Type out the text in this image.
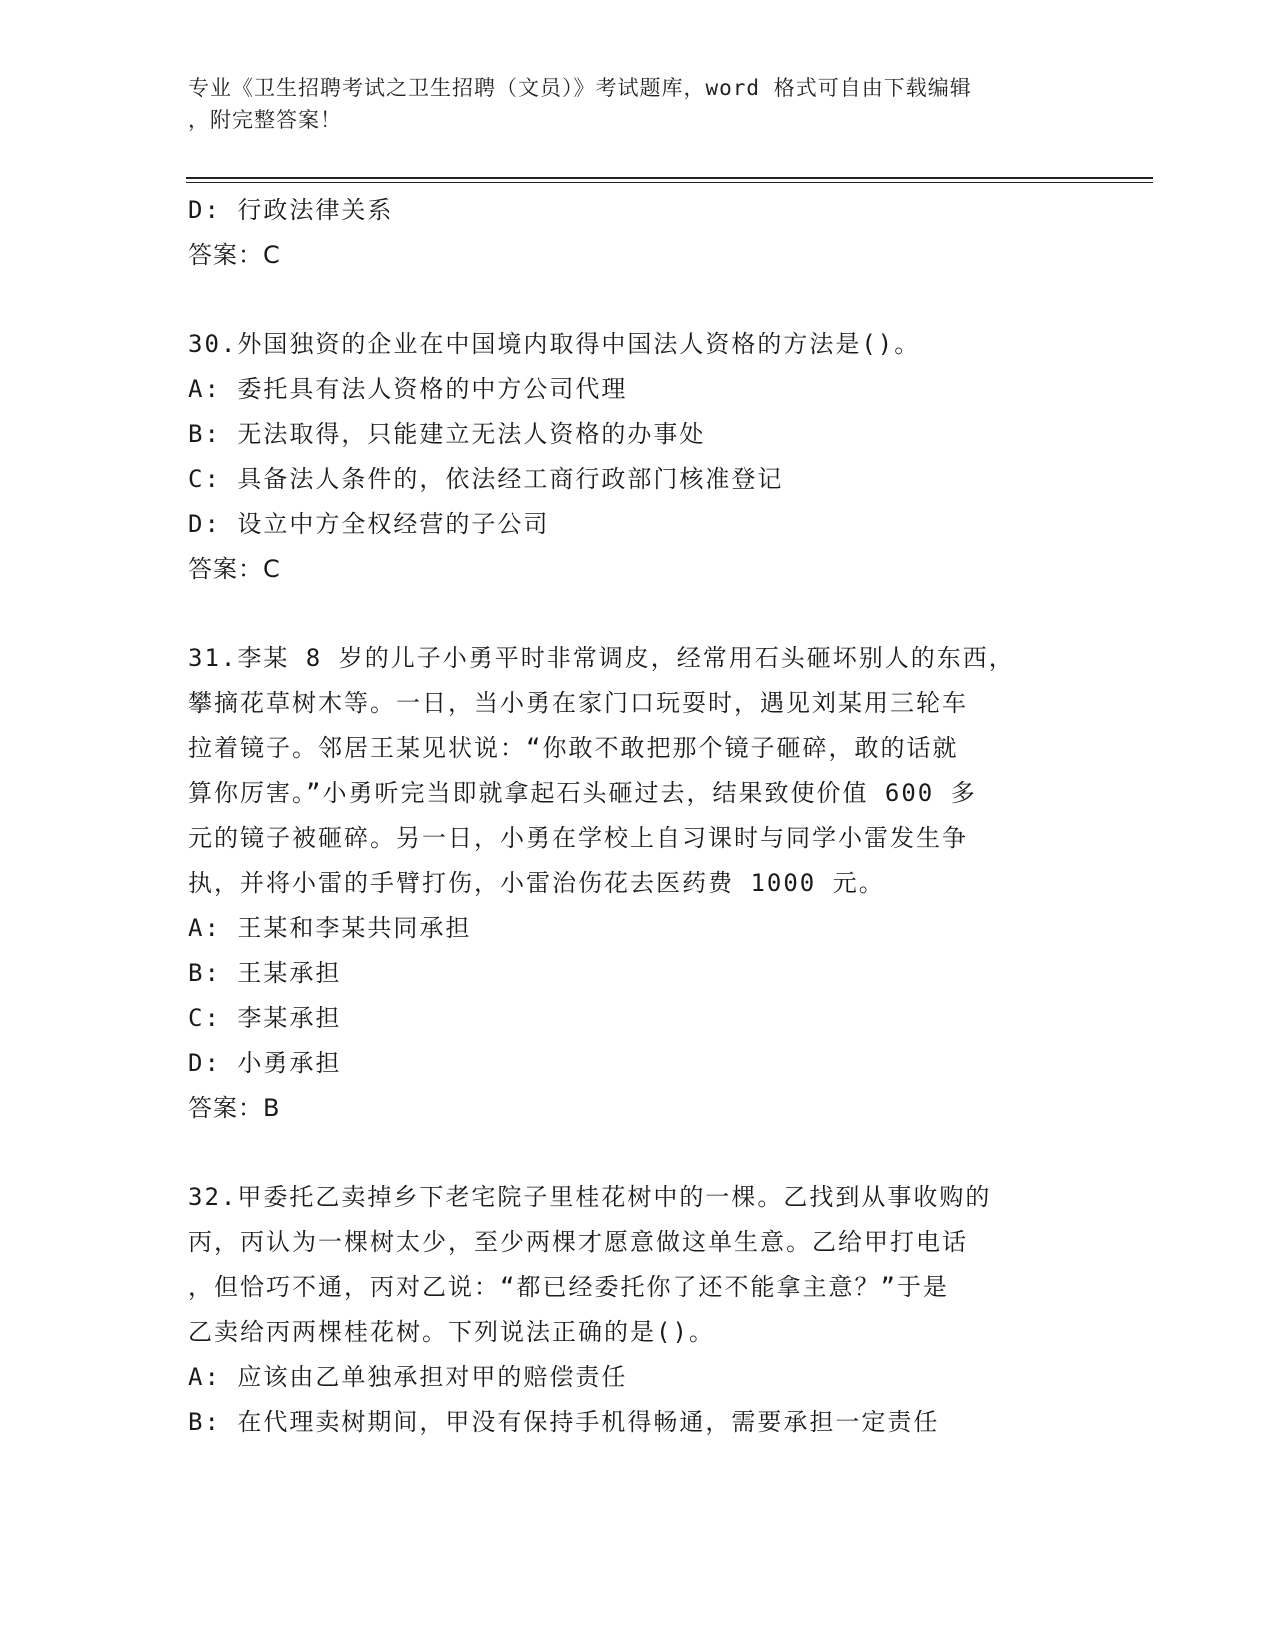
专业《卫生招聘考试之卫生招聘（文员）》考试题库，word 格式可自由下载编辑
，附完整答案！
D: 行政法律关系
答案：C
30.外国独资的企业在中国境内取得中国法人资格的方法是()。
A: 委托具有法人资格的中方公司代理
B: 无法取得，只能建立无法人资格的办事处
C: 具备法人条件的，依法经工商行政部门核准登记
D: 设立中方全权经营的子公司
答案：C
31.李某 8 岁的儿子小勇平时非常调皮，经常用石头砸坏别人的东西，
攀摘花草树木等。一日，当小勇在家门口玩耍时，遇见刘某用三轮车
拉着镜子。邻居王某见状说：“你敢不敢把那个镜子砸碎，敢的话就
算你厉害。”小勇听完当即就拿起石头砸过去，结果致使价值 600 多
元的镜子被砸碎。另一日，小勇在学校上自习课时与同学小雷发生争
执，并将小雷的手臂打伤，小雷治伤花去医药费 1000 元。
A: 王某和李某共同承担
B: 王某承担
C: 李某承担
D: 小勇承担
答案：B
32.甲委托乙卖掉乡下老宅院子里桂花树中的一棵。乙找到从事收购的
丙，丙认为一棵树太少，至少两棵才愿意做这单生意。乙给甲打电话
，但恰巧不通，丙对乙说：“都已经委托你了还不能拿主意？”于是
乙卖给丙两棵桂花树。下列说法正确的是()。
A: 应该由乙单独承担对甲的赔偿责任
B: 在代理卖树期间，甲没有保持手机得畅通，需要承担一定责任
